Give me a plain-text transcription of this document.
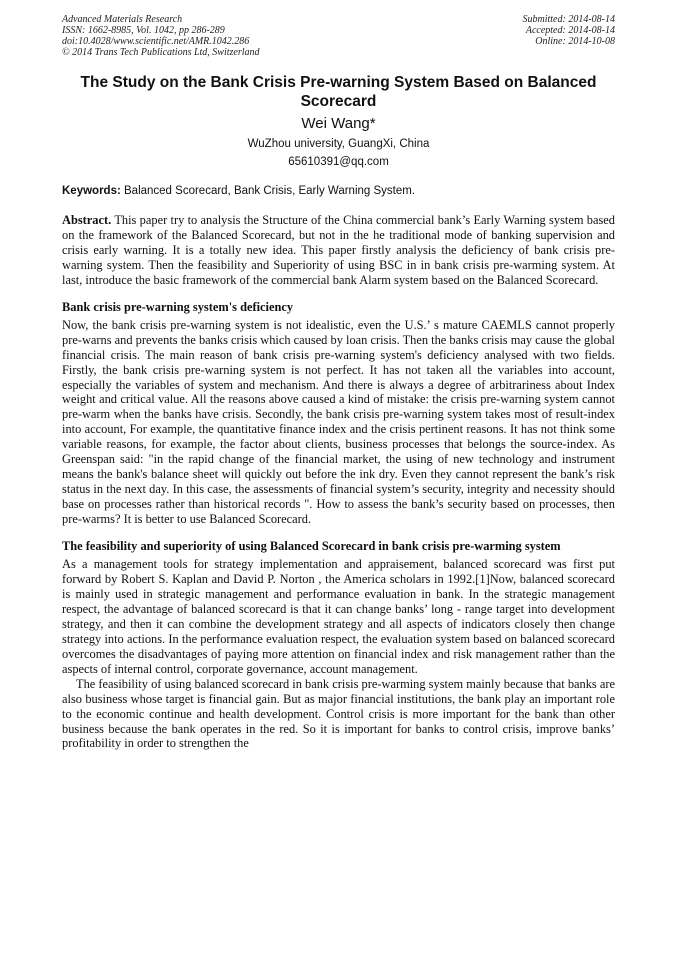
Advanced Materials Research
ISSN: 1662-8985, Vol. 1042, pp 286-289
doi:10.4028/www.scientific.net/AMR.1042.286
© 2014 Trans Tech Publications Ltd, Switzerland
Submitted: 2014-08-14
Accepted: 2014-08-14
Online: 2014-10-08
The Study on the Bank Crisis Pre-warning System Based on Balanced Scorecard
Wei Wang*
WuZhou university, GuangXi, China
65610391@qq.com
Keywords: Balanced Scorecard, Bank Crisis, Early Warning System.

Abstract. This paper try to analysis the Structure of the China commercial bank’s Early Warning system based on the framework of the Balanced Scorecard, but not in the he traditional mode of banking supervision and crisis early warning. It is a totally new idea. This paper firstly analysis the deficiency of bank crisis pre-warning system. Then the feasibility and Superiority of using BSC in in bank crisis pre-warming system. At last, introduce the basic framework of the commercial bank Alarm system based on the Balanced Scorecard.

Bank crisis pre-warning system's deficiency

Now, the bank crisis pre-warning system is not idealistic, even the U.S.’ s mature CAEMLS cannot properly pre-warns and prevents the banks crisis which caused by loan crisis. Then the banks crisis may cause the global financial crisis. The main reason of bank crisis pre-warning system's deficiency analysed with two fields. Firstly, the bank crisis pre-warning system is not perfect. It has not taken all the variables into account, especially the variables of system and mechanism. And there is always a degree of arbitrariness about Index weight and critical value. All the reasons above caused a kind of mistake: the crisis pre-warning system cannot pre-warm when the banks have crisis. Secondly, the bank crisis pre-warning system takes most of result-index into account, For example, the quantitative finance index and the crisis pertinent reasons. It has not think some variable reasons, for example, the factor about clients, business processes that belongs the source-index. As Greenspan said: "in the rapid change of the financial market, the using of new technology and instrument means the bank's balance sheet will quickly out before the ink dry. Even they cannot represent the bank’s risk status in the next day. In this case, the assessments of financial system’s security, integrity and necessity should base on processes rather than historical records ". How to assess the bank’s security based on processes, then pre-warms? It is better to use Balanced Scorecard.

The feasibility and superiority of using Balanced Scorecard in bank crisis pre-warming system

As a management tools for strategy implementation and appraisement, balanced scorecard was first put forward by Robert S. Kaplan and David P. Norton , the America scholars in 1992.[1]Now, balanced scorecard is mainly used in strategic management and performance evaluation in bank. In the strategic management respect, the advantage of balanced scorecard is that it can change banks’ long - range target into development strategy, and then it can combine the development strategy and all aspects of indicators closely then change strategy into actions. In the performance evaluation respect, the evaluation system based on balanced scorecard overcomes the disadvantages of paying more attention on financial index and risk management rather than the aspects of internal control, corporate governance, account management.

The feasibility of using balanced scorecard in bank crisis pre-warming system mainly because that banks are also business whose target is financial gain. But as major financial institutions, the bank play an important role to the economic continue and health development. Control crisis is more important for the bank than other business because the bank operates in the red. So it is important for banks to control crisis, improve banks’ profitability in order to strengthen the
